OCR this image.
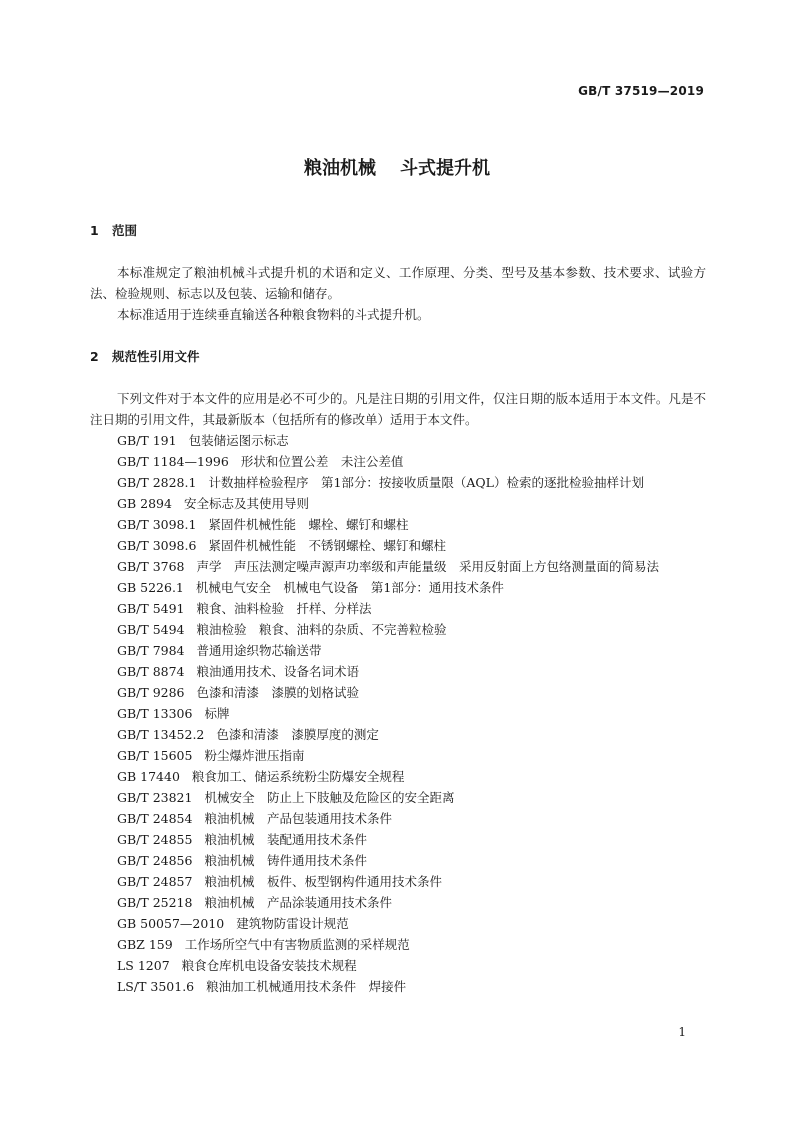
GB/T 37519—2019
粮油机械 斗式提升机
1 范围
本标准规定了粮油机械斗式提升机的术语和定义、工作原理、分类、型号及基本参数、技术要求、试验方法、检验规则、标志以及包装、运输和储存。
本标准适用于连续垂直输送各种粮食物料的斗式提升机。
2 规范性引用文件
下列文件对于本文件的应用是必不可少的。凡是注日期的引用文件，仅注日期的版本适用于本文件。凡是不注日期的引用文件，其最新版本（包括所有的修改单）适用于本文件。
GB/T 191 包装储运图示标志
GB/T 1184—1996 形状和位置公差　未注公差值
GB/T 2828.1 计数抽样检验程序　第1部分：按接收质量限（AQL）检索的逐批检验抽样计划
GB 2894 安全标志及其使用导则
GB/T 3098.1 紧固件机械性能　螺栓、螺钉和螺柱
GB/T 3098.6 紧固件机械性能　不锈钢螺栓、螺钉和螺柱
GB/T 3768 声学　声压法测定噪声源声功率级和声能量级　采用反射面上方包络测量面的简易法
GB 5226.1 机械电气安全　机械电气设备　第1部分：通用技术条件
GB/T 5491 粮食、油料检验　扦样、分样法
GB/T 5494 粮油检验　粮食、油料的杂质、不完善粒检验
GB/T 7984 普通用途织物芯输送带
GB/T 8874 粮油通用技术、设备名词术语
GB/T 9286 色漆和清漆　漆膜的划格试验
GB/T 13306 标牌
GB/T 13452.2 色漆和清漆　漆膜厚度的测定
GB/T 15605 粉尘爆炸泄压指南
GB 17440 粮食加工、储运系统粉尘防爆安全规程
GB/T 23821 机械安全　防止上下肢触及危险区的安全距离
GB/T 24854 粮油机械　产品包装通用技术条件
GB/T 24855 粮油机械　装配通用技术条件
GB/T 24856 粮油机械　铸件通用技术条件
GB/T 24857 粮油机械　板件、板型钢构件通用技术条件
GB/T 25218 粮油机械　产品涂装通用技术条件
GB 50057—2010 建筑物防雷设计规范
GBZ 159 工作场所空气中有害物质监测的采样规范
LS 1207 粮食仓库机电设备安装技术规程
LS/T 3501.6 粮油加工机械通用技术条件　焊接件
1
